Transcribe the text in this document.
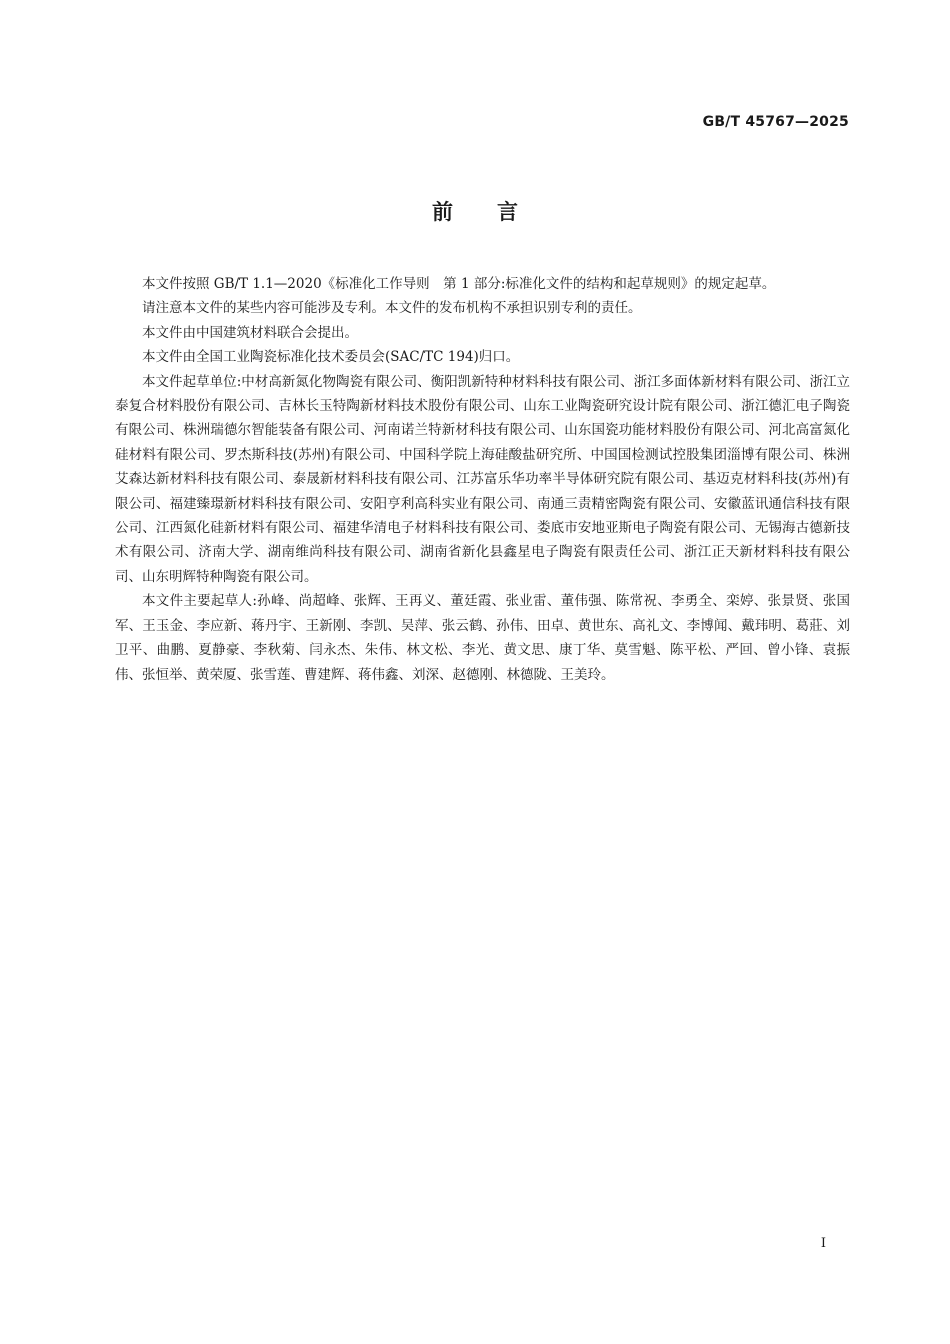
GB/T 45767—2025
前言

本文件按照 GB/T 1.1—2020《标准化工作导则　第 1 部分:标准化文件的结构和起草规则》的规定起草。

请注意本文件的某些内容可能涉及专利。本文件的发布机构不承担识别专利的责任。

本文件由中国建筑材料联合会提出。

本文件由全国工业陶瓷标准化技术委员会(SAC/TC 194)归口。

本文件起草单位:中材高新氮化物陶瓷有限公司、衡阳凯新特种材料科技有限公司、浙江多面体新材料有限公司、浙江立泰复合材料股份有限公司、吉林长玉特陶新材料技术股份有限公司、山东工业陶瓷研究设计院有限公司、浙江德汇电子陶瓷有限公司、株洲瑞德尔智能装备有限公司、河南诺兰特新材科技有限公司、山东国瓷功能材料股份有限公司、河北高富氮化硅材料有限公司、罗杰斯科技(苏州)有限公司、中国科学院上海硅酸盐研究所、中国国检测试控股集团淄博有限公司、株洲艾森达新材料科技有限公司、泰晟新材料科技有限公司、江苏富乐华功率半导体研究院有限公司、基迈克材料科技(苏州)有限公司、福建臻璟新材料科技有限公司、安阳亨利高科实业有限公司、南通三责精密陶瓷有限公司、安徽蓝讯通信科技有限公司、江西氮化硅新材料有限公司、福建华清电子材料科技有限公司、娄底市安地亚斯电子陶瓷有限公司、无锡海古德新技术有限公司、济南大学、湖南维尚科技有限公司、湖南省新化县鑫星电子陶瓷有限责任公司、浙江正天新材料科技有限公司、山东明辉特种陶瓷有限公司。

本文件主要起草人:孙峰、尚超峰、张辉、王再义、董廷霞、张业雷、董伟强、陈常祝、李勇全、栾婷、张景贤、张国军、王玉金、李应新、蒋丹宇、王新刚、李凯、吴萍、张云鹤、孙伟、田卓、黄世东、高礼文、李博闻、戴玮明、葛莊、刘卫平、曲鹏、夏静豪、李秋菊、闫永杰、朱伟、林文松、李光、黄文思、康丁华、莫雪魁、陈平松、严回、曾小锋、袁振伟、张恒举、黄荣厦、张雪莲、曹建辉、蒋伟鑫、刘深、赵德刚、林德陇、王美玲。

I
